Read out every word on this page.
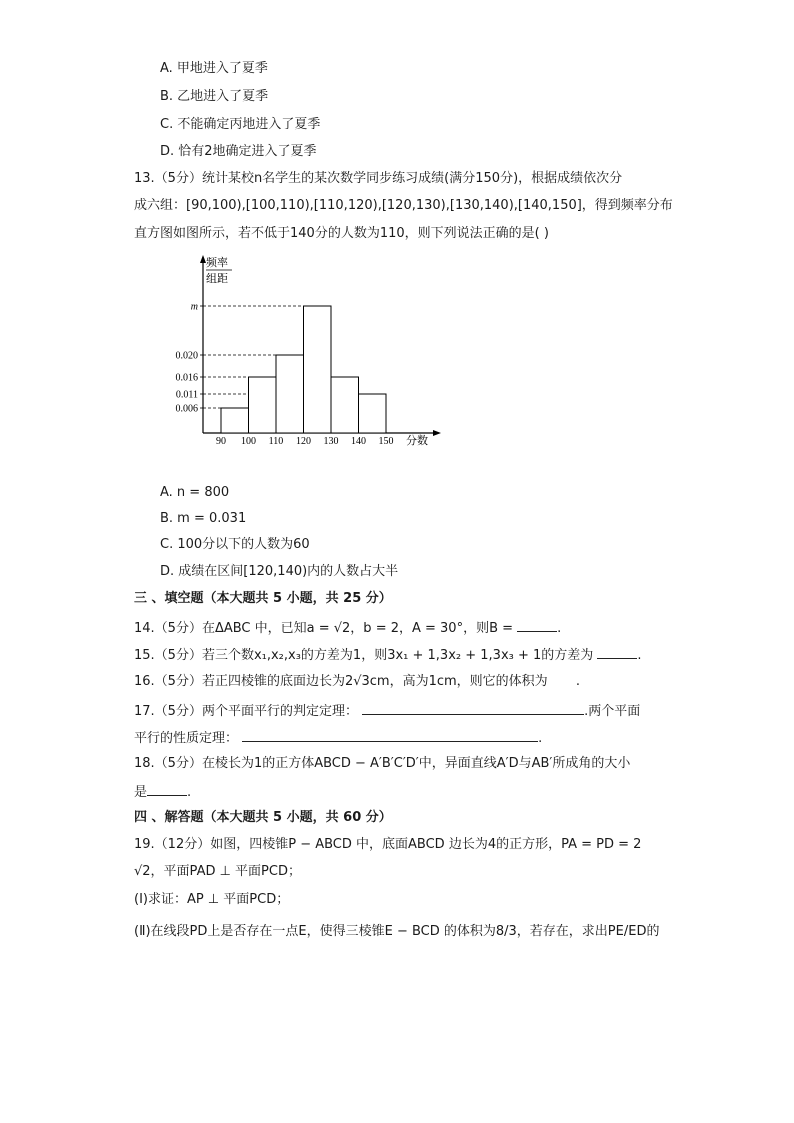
A. 甲地进入了夏季
B. 乙地进入了夏季
C. 不能确定丙地进入了夏季
D. 恰有2地确定进入了夏季
13.（5分）统计某校n名学生的某次数学同步练习成绩(满分150分)，根据成绩依次分
成六组：[90,100),[100,110),[110,120),[120,130),[130,140),[140,150]，得到频率分布
直方图如图所示，若不低于140分的人数为110，则下列说法正确的是( )
频率
组距
分数
m
0.020
0.016
0.011
0.006
90 100 110 120 130 140 150
A. n = 800
B. m = 0.031
C. 100分以下的人数为60
D. 成绩在区间[120,140)内的人数占大半
三 、填空题（本大题共 5 小题，共 25 分）
14.（5分）在ΔABC 中，已知a = √2，b = 2，A = 30°，则B =	.
15.（5分）若三个数x₁,x₂,x₃的方差为1，则3x₁ + 1,3x₂ + 1,3x₃ + 1的方差为	.
16.（5分）若正四棱锥的底面边长为2√3cm，高为1cm，则它的体积为 .
17.（5分）两个平面平行的判定定理：	.两个平面
平行的性质定理：	.
18.（5分）在棱长为1的正方体ABCD − A′B′C′D′中，异面直线A′D与AB′所成角的大小
是	.
四 、解答题（本大题共 5 小题，共 60 分）
19.（12分）如图，四棱锥P − ABCD 中，底面ABCD 边长为4的正方形，PA = PD = 2
√2，平面PAD ⊥ 平面PCD；
(Ⅰ)求证：AP ⊥ 平面PCD；
(Ⅱ)在线段PD上是否存在一点E，使得三棱锥E − BCD 的体积为8/3，若存在，求出PE/ED的
